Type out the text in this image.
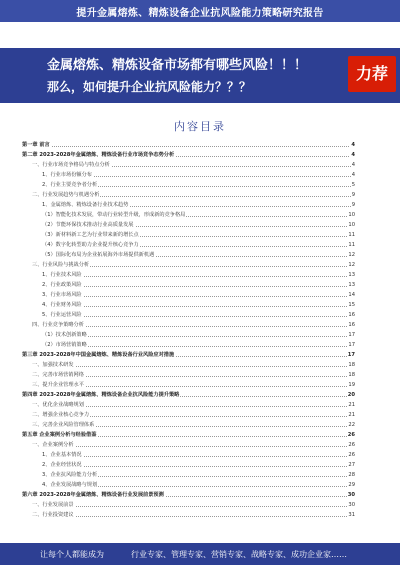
提升金属熔炼、精炼设备企业抗风险能力策略研究报告
金属熔炼、精炼设备市场都有哪些风险！！！
那么，如何提升企业抗风险能力？？？
力荐
内容目录
第一章 前言	4
第二章 2023-2028年金属熔炼、精炼设备行业市场竞争态势分析	4
一、行业市场竞争格局与特点分析	4
1、行业市场份额分布	4
2、行业主要竞争者分析	5
二、行业发展趋势与机遇分析	9
1、金属熔炼、精炼设备行业技术趋势	9
（1）智能化技术发展，带动行业转型升级，形成新的竞争格局	10
（2）节能环保技术推动行业高质量发展	10
（3）新材料新工艺为行业带来新的增长点	11
（4）数字化转型助力企业提升核心竞争力	11
（5）国际化布局为企业拓展海外市场提供新机遇	12
三、行业风险与挑战分析	12
1、行业技术风险	13
2、行业政策风险	13
3、行业市场风险	14
4、行业财务风险	15
5、行业运营风险	16
四、行业竞争策略分析	16
（1）技术创新策略	17
（2）市场营销策略	17
第三章 2023-2028年中国金属熔炼、精炼设备行业风险应对措施	17
一、加强技术研发	18
二、完善市场营销网络	18
三、提升企业管理水平	19
第四章 2023-2028年金属熔炼、精炼设备企业抗风险能力提升策略	20
一、优化企业战略规划	21
二、增强企业核心竞争力	21
三、完善企业风险管理体系	22
第五章 企业案例分析与经验借鉴	26
一、企业案例分析	26
1、企业基本情况	26
2、企业经营状况	27
3、企业抗风险能力分析	28
4、企业发展战略与规划	29
第六章 2023-2028年金属熔炼、精炼设备行业发展前景预测	30
一、行业发展前景	30
二、行业投资建议	31
让每个人都能成为	行业专家、管理专家、营销专家、战略专家、成功企业家……
